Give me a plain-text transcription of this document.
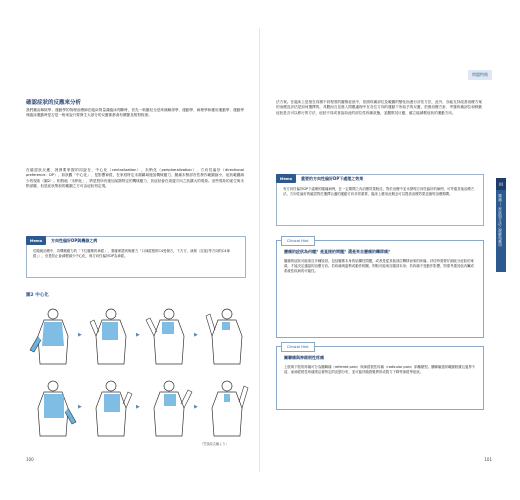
確認症狀的反應來分析
我們藉由解除學、運動學的物理治療師在臨床則量識臨床判斷時，首先一般圍兒全是疼痛解剖學、運動學、病理學和應用運動學、運動學與臨床運動時是否是一般來說只要發生大部分的反應都都會有關節及相對較深。
在確認狀反應，誘發要掌握的同距在，中心化（centralization），末梢化（peripheralization）、方向性偏好（directional preference：DP），如狀觀「中心化」、是影響神經，在家庭特定末端屬域施加機械應力，腰痛末梢部首性發作範圍縮小，症狀範圍減少的現象（圖2）。相對地「末梢化」，將是對所有施加某類特定的機械應力，其症狀會在周邊方向之狀擴大的現象。這些現象的產生與末梢部腰、但是症狀集取的範圍之方可由症狀判定現。
Memo	方向性偏好DP與機器之病
於隨就治療中，若機械應力的「下位腰椎的神經」，要確保證到與應力「口神經根的C4受傷方，下方方、演劍（拉延)等方向的C4神經」），至是防止會減輕減少中心化，與方向性偏好DP為神經。
圖2 中心化
▶	▶	▶
▶	▶	▶
（笠原政志編より）
100
問題特徵
法方案。在臨床上是指在同層不同程度的腰椎症狀中，依照疼痛部位及範圍的變化而進行評估方法，此外，亦能支持改善治療方案的治療及評估是如何選擇的，具體而言並進入問題處理中在各位方向的運動下所給予的反應，依照治療方針，考慮疼痛部位和移動症狀是否可以移行的方法、症狀不同或者說如此的部位性疼痛狀態，並觀察其反應，確立能減輕症狀的運動方向。
Memo	重要的方向性偏好DP下處理之效果
有方向性偏好DP下處理的腰痛病例，在一定期間之內治療效果較佳，對於治療中並未發現方向性偏好的病例，可考慮其他治療方法。方向性偏好的確認對於選擇合適的運動方向非常重要，臨床上應用此概念可以提高治療效果並縮短治療期間。
Clinical Hint
腰痛的症狀為何種？是直接的問題？還是來自腰痛的轉移痛？
腰痛的症狀可能來自多種原因，包括腰椎本身的結構性問題，或者是從其他部位轉移而來的疼痛。評估時需要仔細區分症狀的來源，才能決定適當的治療方向。若疼痛與姿勢或動作相關，則較可能來自腰部本身；若疼痛不受動作影響，則需考慮其他內臟或系統性疾病的可能性。
Clinical Hint
關聯痛與神經根性疼痛
上肢與下肢的疼痛可分為關聯痛（referred pain）與神經根性疼痛（radicular pain）兩種類型。關聯痛通常範圍較廣且邊界不清，而神經根性疼痛則沿著特定的皮節分布，並可能伴隨感覺異常或肌力下降等神經學症狀。
腰痛 — 症狀與方法之理解與應用
III
101
